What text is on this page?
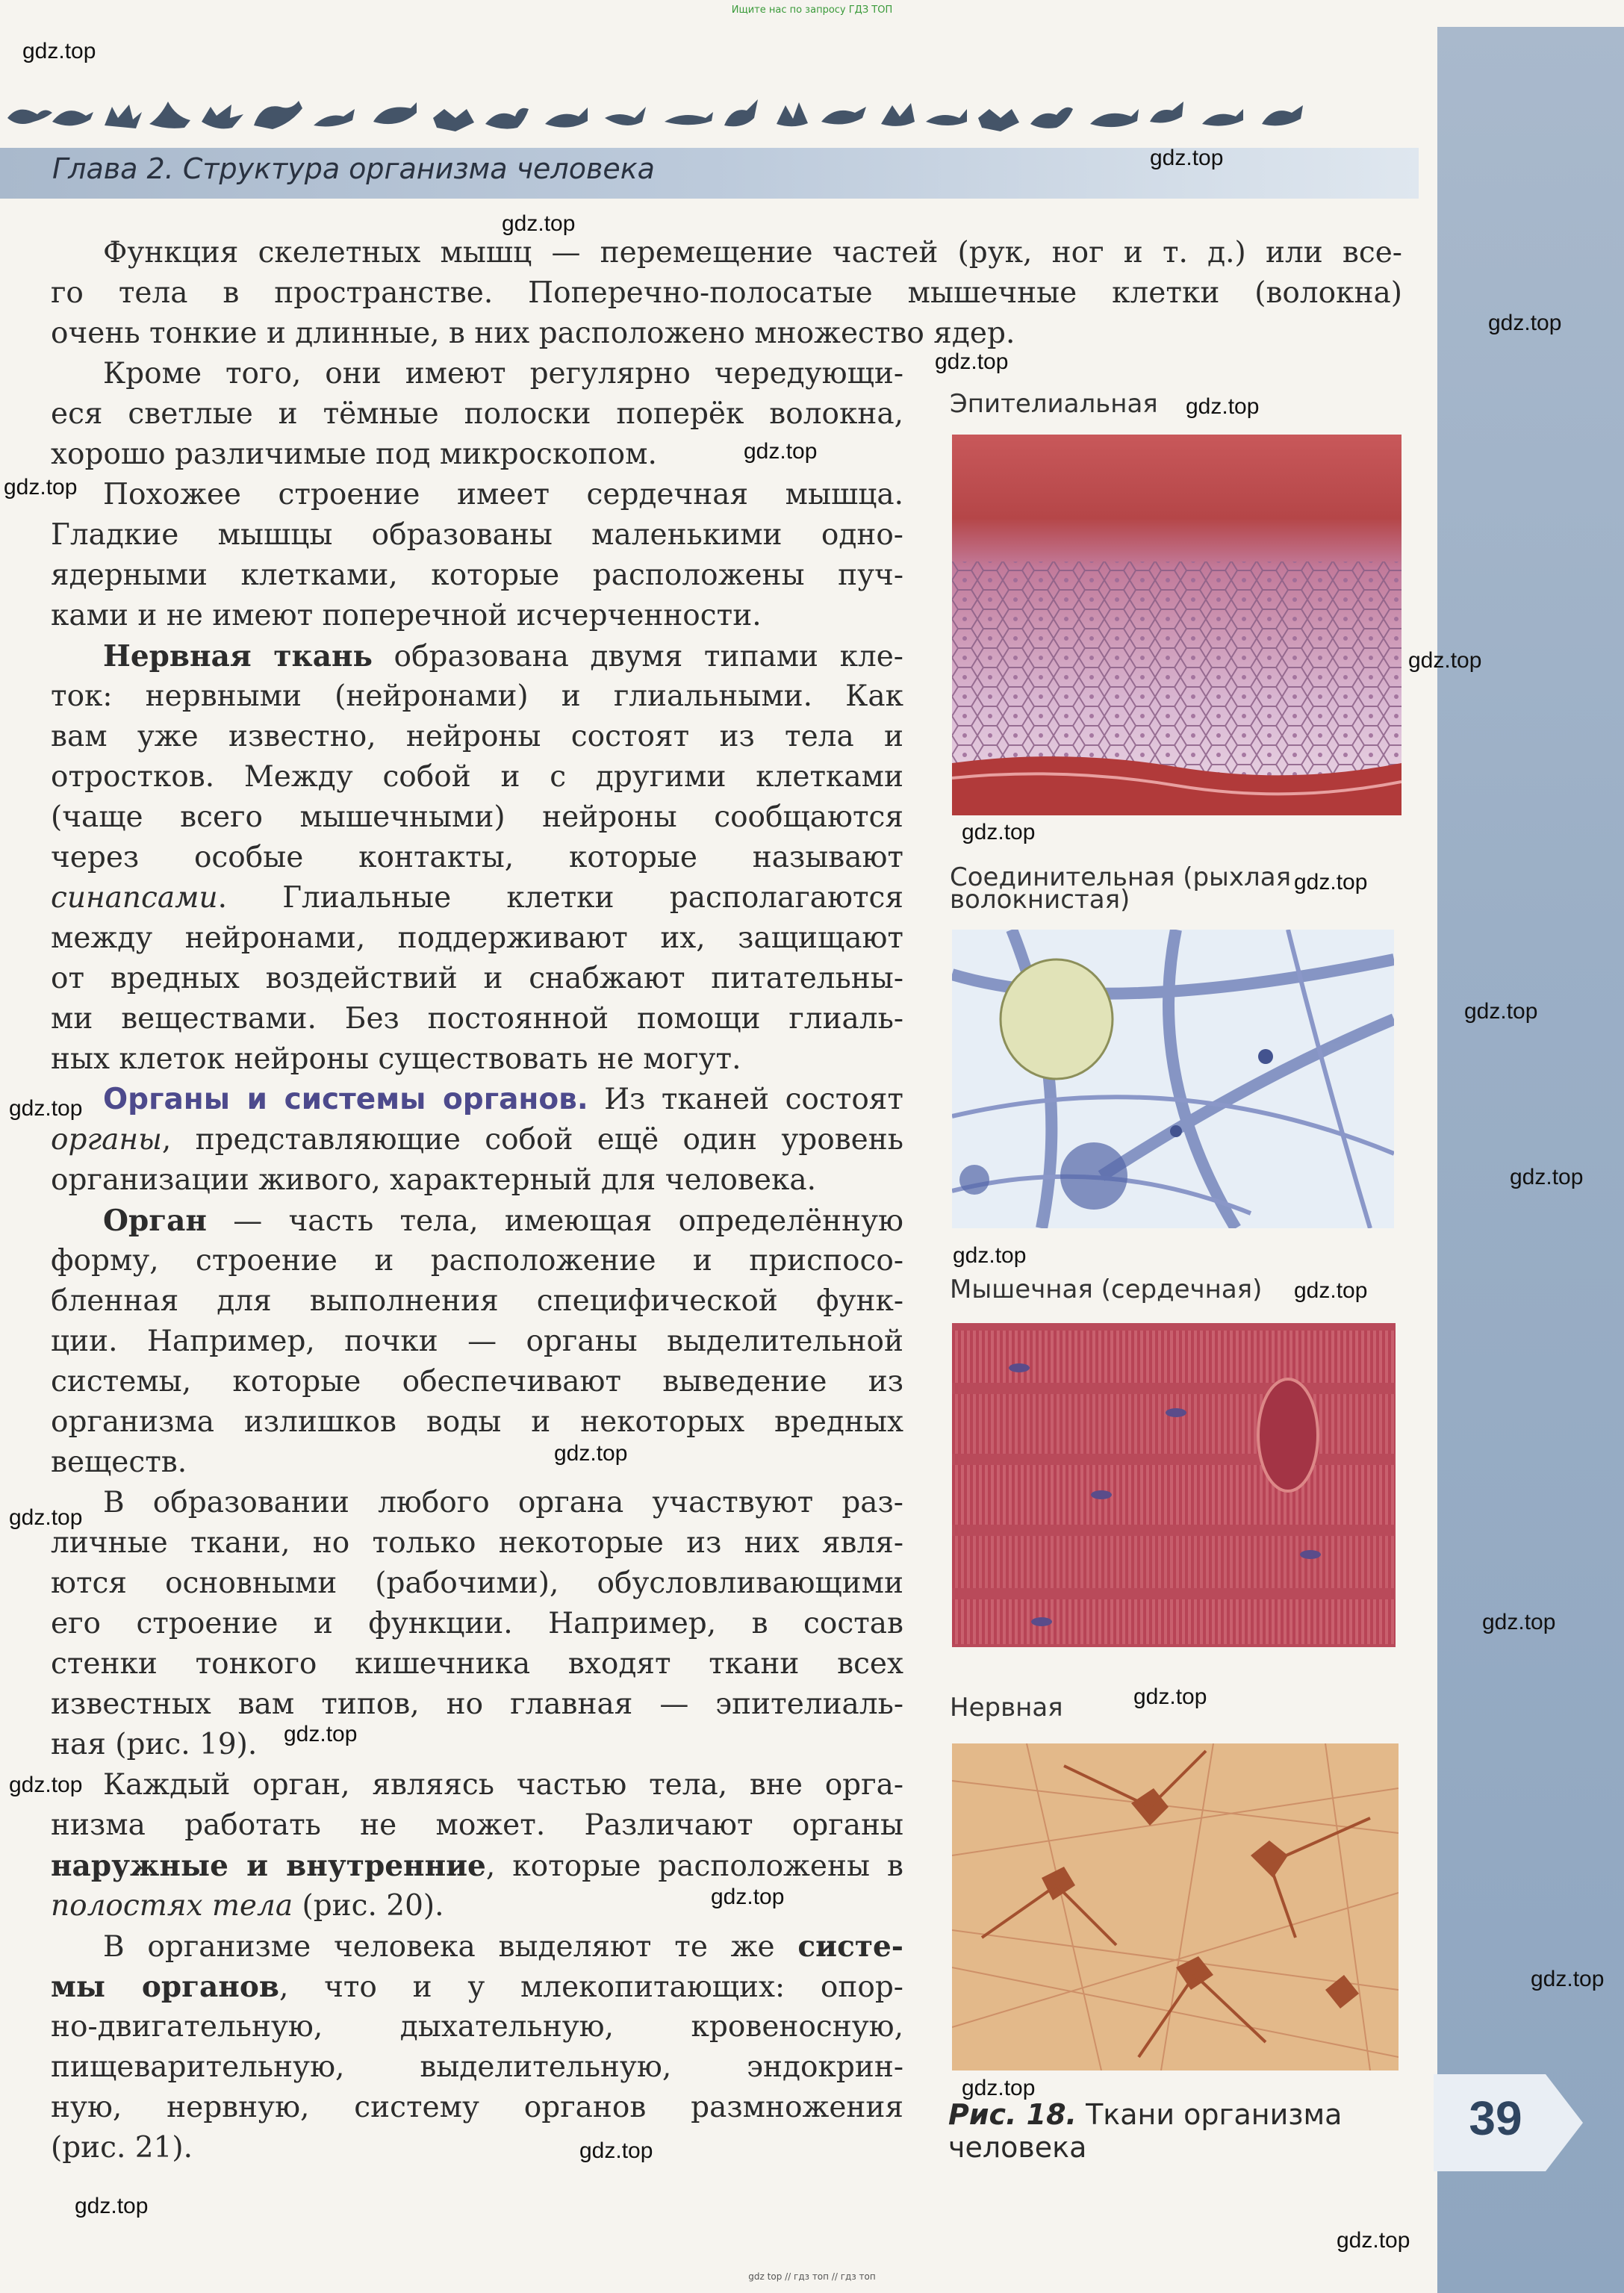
Ищите нас по запросу ГДЗ ТОП
Глава 2. Структура организма человека
Функция скелетных мышц — перемещение частей (рук, ног и т. д.) или все-
го тела в пространстве. Поперечно-полосатые мышечные клетки (волокна)
очень тонкие и длинные, в них расположено множество ядер.
Кроме того, они имеют регулярно чередующи-
еся светлые и тёмные полоски поперёк волокна,
хорошо различимые под микроскопом.
Похожее строение имеет сердечная мышца.
Гладкие мышцы образованы маленькими одно-
ядерными клетками, которые расположены пуч-
ками и не имеют поперечной исчерченности.
Нервная ткань образована двумя типами кле-
ток: нервными (нейронами) и глиальными. Как
вам уже известно, нейроны состоят из тела и
отростков. Между собой и с другими клетками
(чаще всего мышечными) нейроны сообщаются
через особые контакты, которые называют
синапсами. Глиальные клетки располагаются
между нейронами, поддерживают их, защищают
от вредных воздействий и снабжают питательны-
ми веществами. Без постоянной помощи глиаль-
ных клеток нейроны существовать не могут.
Органы и системы органов. Из тканей состоят
органы, представляющие собой ещё один уровень
организации живого, характерный для человека.
Орган — часть тела, имеющая определённую
форму, строение и расположение и приспосо-
бленная для выполнения специфической функ-
ции. Например, почки — органы выделительной
системы, которые обеспечивают выведение из
организма излишков воды и некоторых вредных
веществ.
В образовании любого органа участвуют раз-
личные ткани, но только некоторые из них явля-
ются основными (рабочими), обусловливающими
его строение и функции. Например, в состав
стенки тонкого кишечника входят ткани всех
известных вам типов, но главная — эпителиаль-
ная (рис. 19).
Каждый орган, являясь частью тела, вне орга-
низма работать не может. Различают органы
наружные и внутренние, которые расположены в
полостях тела (рис. 20).
В организме человека выделяют те же систе-
мы органов, что и у млекопитающих: опор-
но-двигательную, дыхательную, кровеносную,
пищеварительную, выделительную, эндокрин-
ную, нервную, систему органов размножения
(рис. 21).
Эпителиальная
Соединительная (рыхлая
волокнистая)
Мышечная (сердечная)
Нервная
Рис. 18. Ткани организма человека
39
gdz.top
gdz.top
gdz.top
gdz.top
gdz.top
gdz.top
gdz.top
gdz.top
gdz.top
gdz.top
gdz.top
gdz.top
gdz.top
gdz.top
gdz.top
gdz.top
gdz.top
gdz.top
gdz.top
gdz.top
gdz.top
gdz.top
gdz.top
gdz.top
gdz.top
gdz.top
gdz.top
gdz.top
gdz top // гдз топ // гдз топ
